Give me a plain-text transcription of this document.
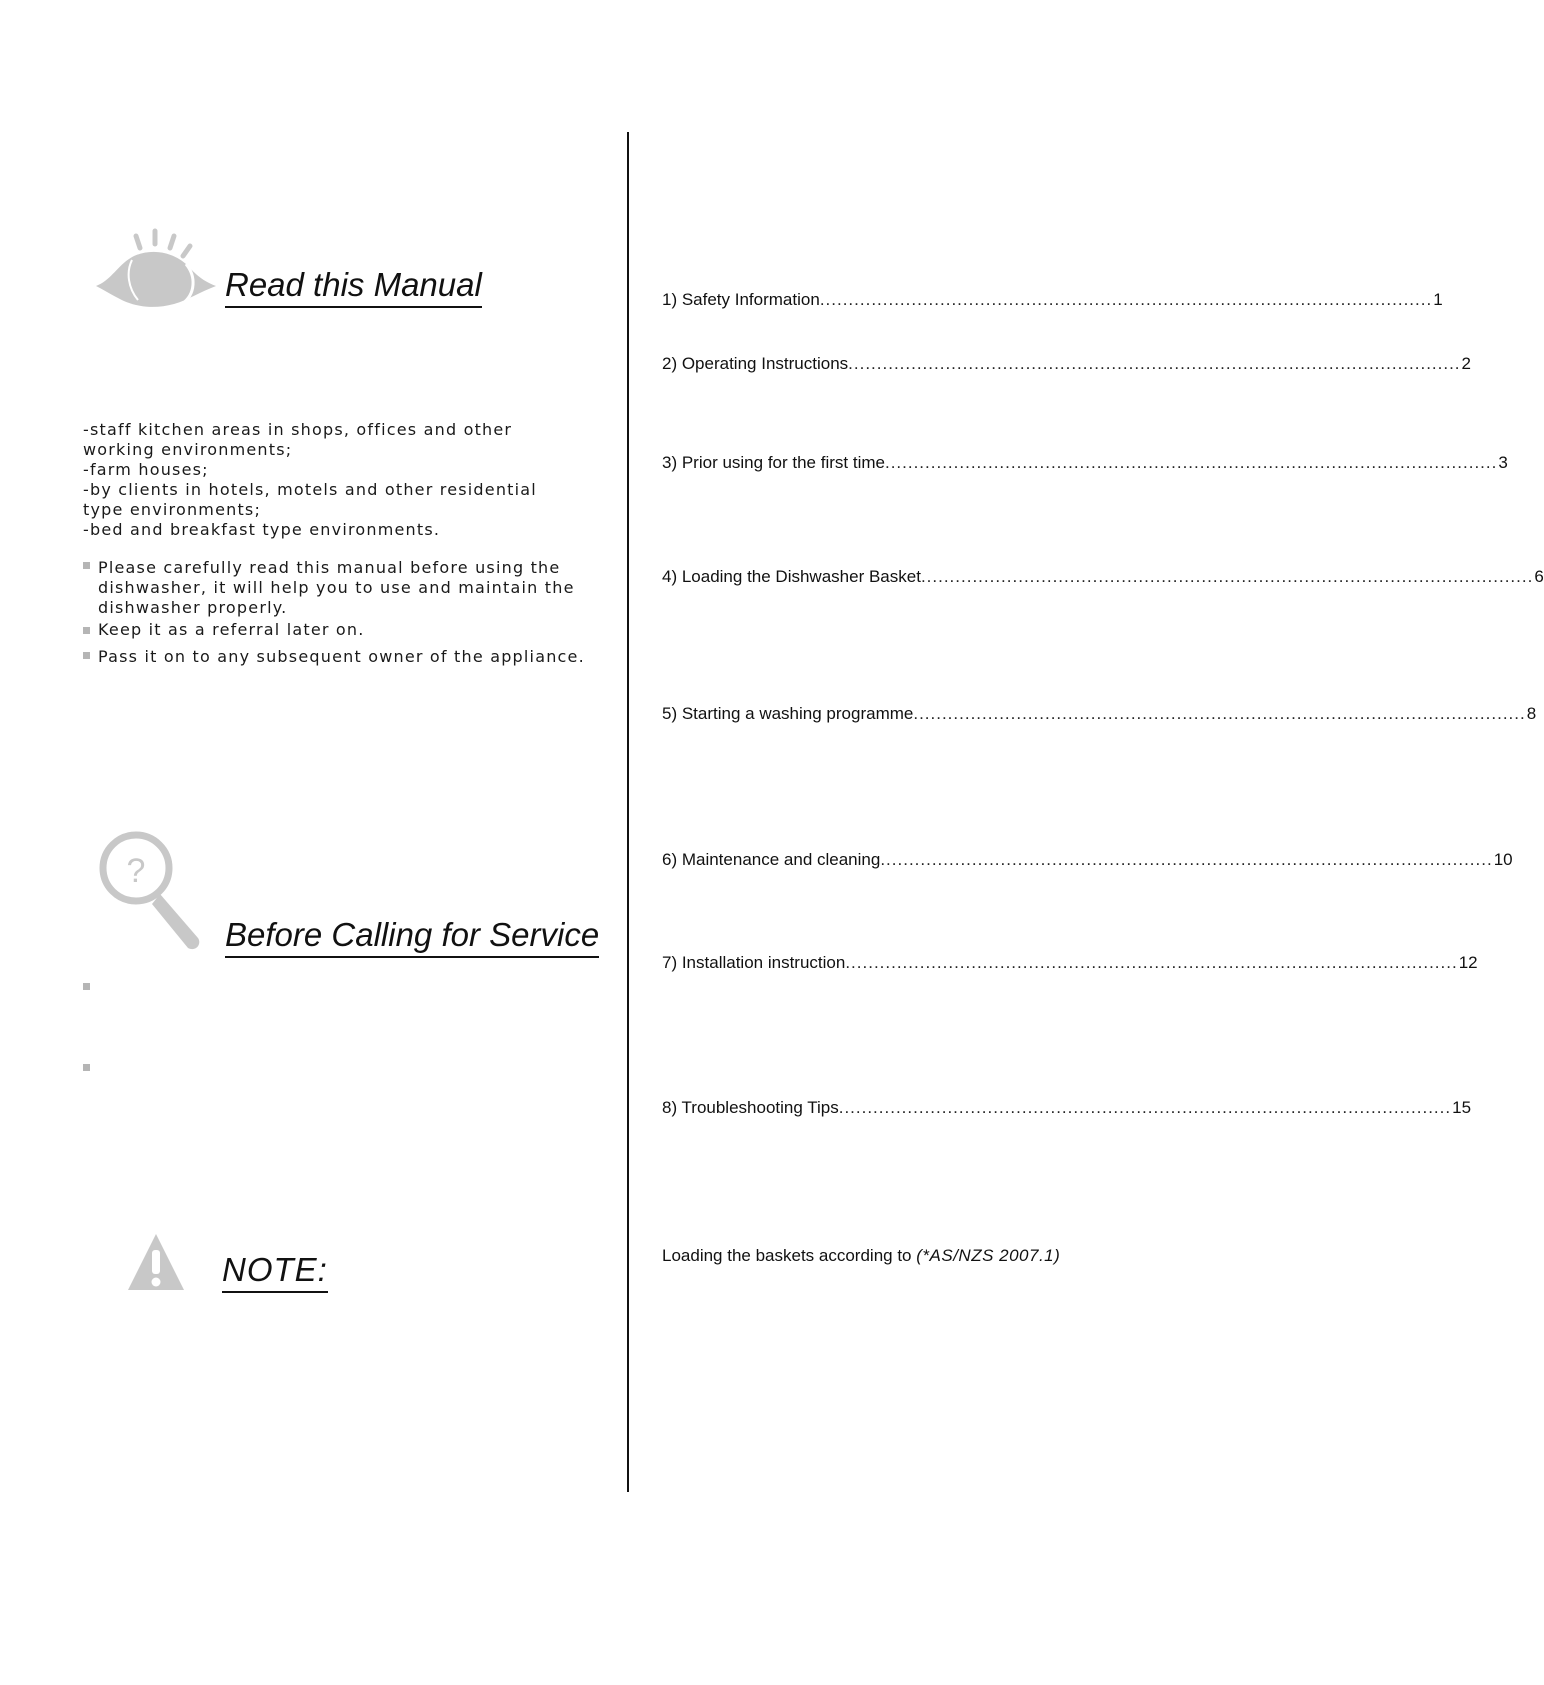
Read this Manual
-staff kitchen areas in shops, offices and other
working environments;
-farm houses;
-by clients in hotels, motels and other residential
type environments;
-bed and breakfast type environments.
Please carefully read this manual before using the
dishwasher, it will help you to use and maintain the
dishwasher properly.
Keep it as a referral later on.
Pass it on to any subsequent owner of the appliance.
?
Before Calling for Service
NOTE:
1) Safety Information ........................................................................................................... 1
2) Operating Instructions ........................................................................................................... 2
3) Prior using for the first time ........................................................................................................... 3
4) Loading the Dishwasher Basket ........................................................................................................... 6
5) Starting a washing programme ........................................................................................................... 8
6) Maintenance and cleaning ........................................................................................................... 10
7) Installation instruction ........................................................................................................... 12
8) Troubleshooting Tips ........................................................................................................... 15
Loading the baskets according to (*AS/NZS 2007.1)
